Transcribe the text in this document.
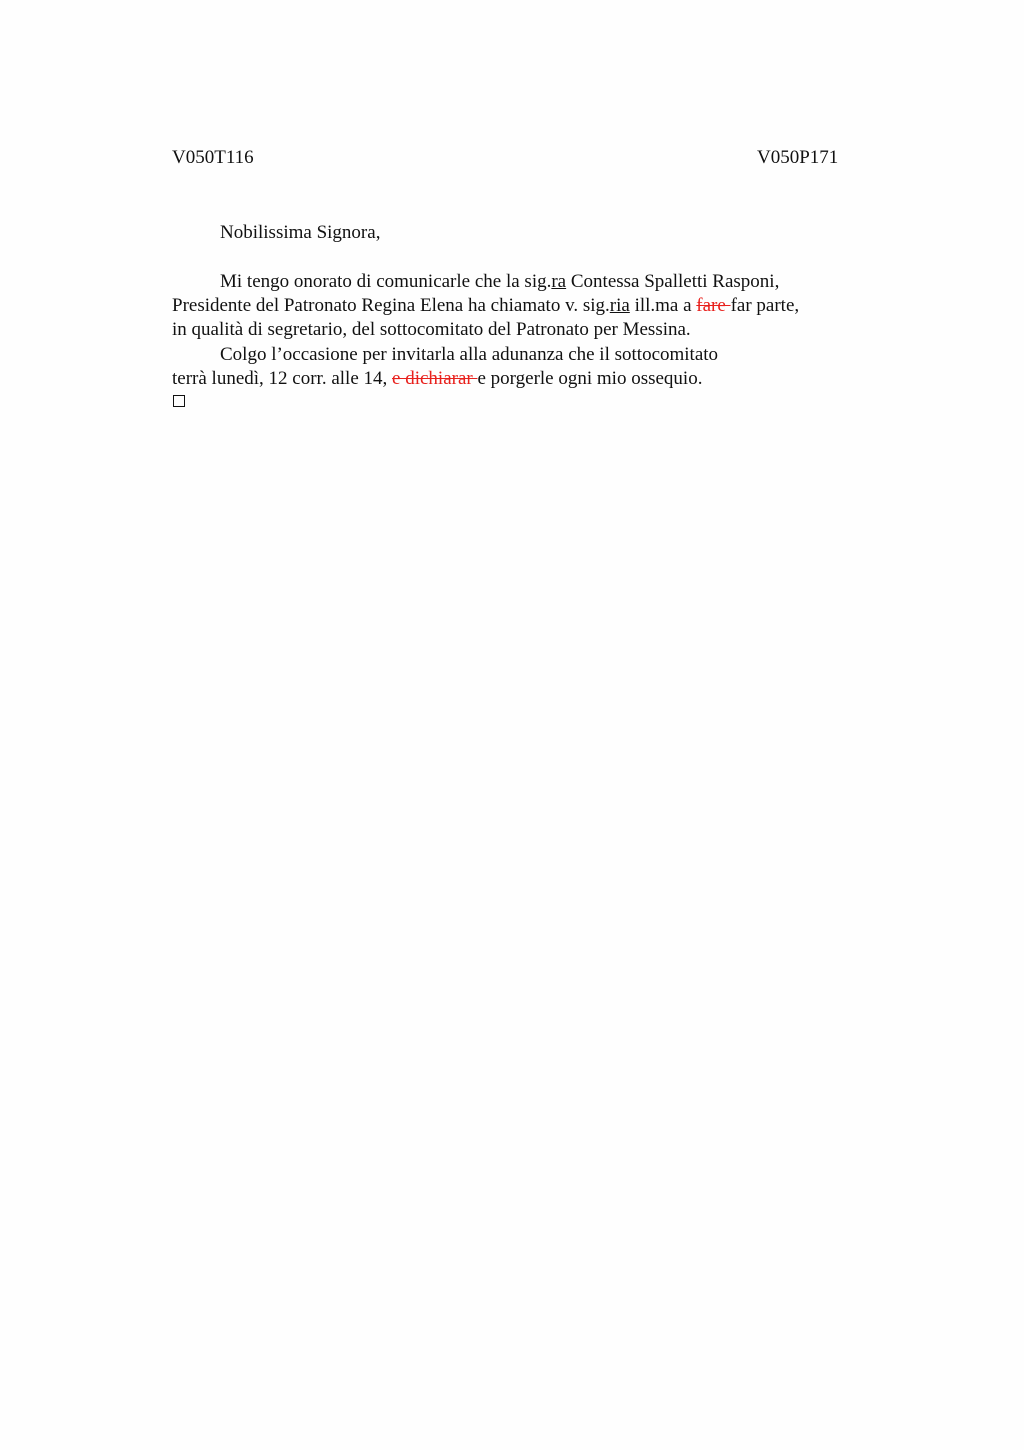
V050T116	V050P171
Nobilissima Signora,
Mi tengo onorato di comunicarle che la sig.ra Contessa Spalletti Rasponi,
Presidente del Patronato Regina Elena ha chiamato v. sig.ria ill.ma a fare far parte,
in qualità di segretario, del sottocomitato del Patronato per Messina.
Colgo l’occasione per invitarla alla adunanza che il sottocomitato
terrà lunedì, 12 corr. alle 14, e dichiarar e porgerle ogni mio ossequio.
